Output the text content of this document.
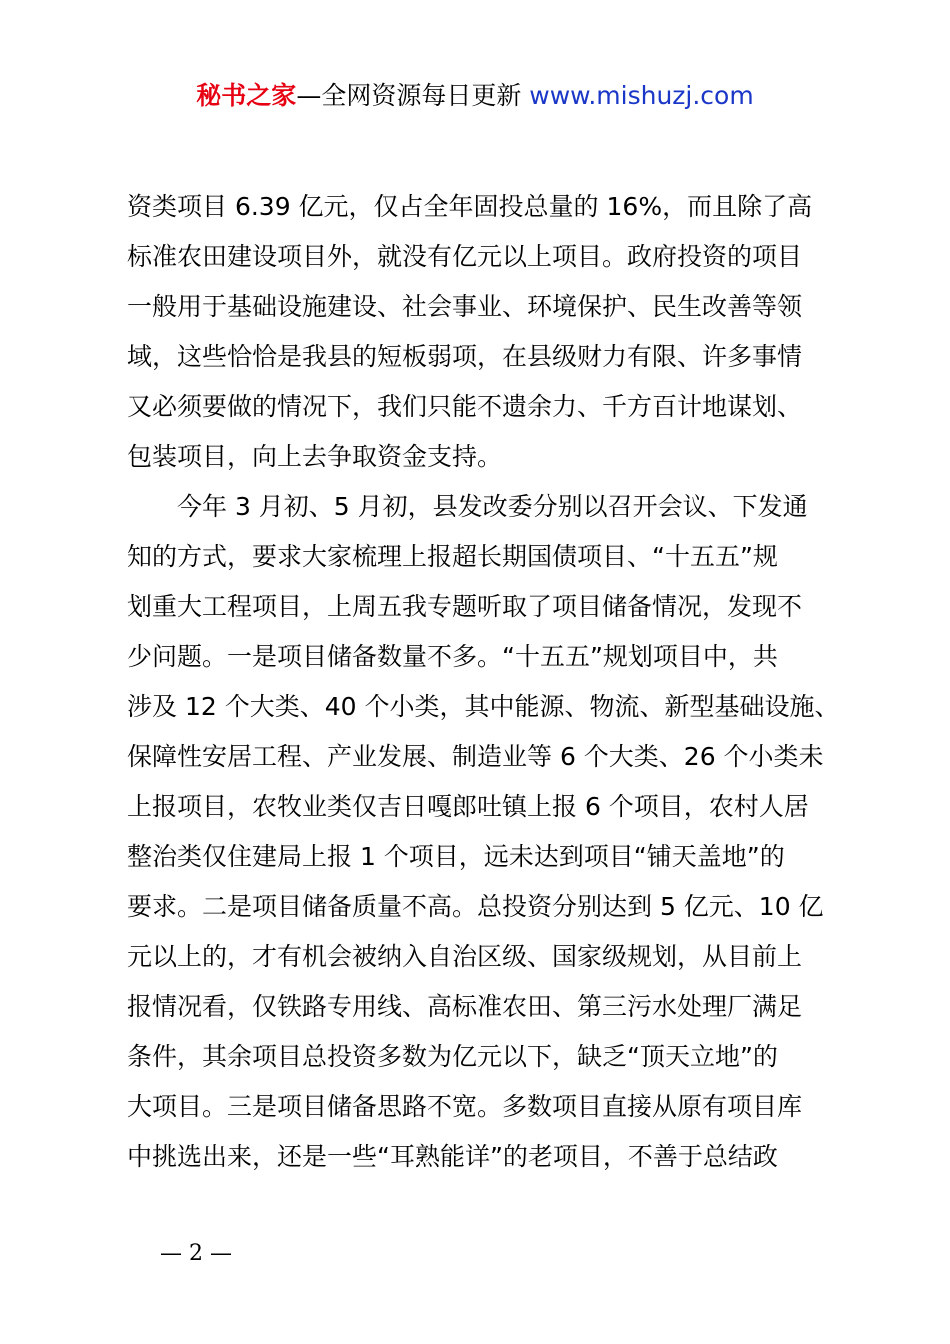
秘书之家—全网资源每日更新 www.mishuzj.com
资类项目 6.39 亿元，仅占全年固投总量的 16%，而且除了高
标准农田建设项目外，就没有亿元以上项目。政府投资的项目
一般用于基础设施建设、社会事业、环境保护、民生改善等领
域，这些恰恰是我县的短板弱项，在县级财力有限、许多事情
又必须要做的情况下，我们只能不遗余力、千方百计地谋划、
包装项目，向上去争取资金支持。
　　今年 3 月初、5 月初，县发改委分别以召开会议、下发通
知的方式，要求大家梳理上报超长期国债项目、“十五五”规
划重大工程项目，上周五我专题听取了项目储备情况，发现不
少问题。一是项目储备数量不多。“十五五”规划项目中，共
涉及 12 个大类、40 个小类，其中能源、物流、新型基础设施、
保障性安居工程、产业发展、制造业等 6 个大类、26 个小类未
上报项目，农牧业类仅吉日嘎郎吐镇上报 6 个项目，农村人居
整治类仅住建局上报 1 个项目，远未达到项目“铺天盖地”的
要求。二是项目储备质量不高。总投资分别达到 5 亿元、10 亿
元以上的，才有机会被纳入自治区级、国家级规划，从目前上
报情况看，仅铁路专用线、高标准农田、第三污水处理厂满足
条件，其余项目总投资多数为亿元以下，缺乏“顶天立地”的
大项目。三是项目储备思路不宽。多数项目直接从原有项目库
中挑选出来，还是一些“耳熟能详”的老项目，不善于总结政
— 2 —
